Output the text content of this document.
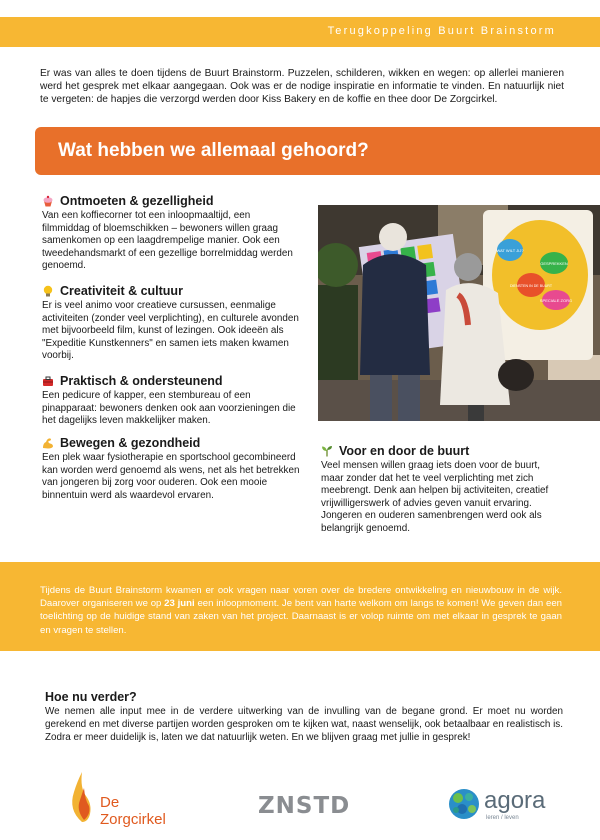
Terugkoppeling Buurt Brainstorm

Er was van alles te doen tijdens de Buurt Brainstorm. Puzzelen, schilderen, wikken en wegen: op allerlei manieren werd het gesprek met elkaar aangegaan. Ook was er de nodige inspiratie en informatie te vinden. En natuurlijk niet te vergeten: de hapjes die verzorgd werden door Kiss Bakery en de koffie en thee door De Zorgcirkel.

Wat hebben we allemaal gehoord?
Ontmoeten & gezelligheid

Van een koffiecorner tot een inloopmaaltijd, een filmmiddag of bloemschikken – bewoners willen graag samenkomen op een laagdrempelige manier. Ook een tweedehandsmarkt of een gezellige borrelmiddag werden genoemd.

Creativiteit & cultuur

Er is veel animo voor creatieve cursussen, eenmalige activiteiten (zonder veel verplichting), en culturele avonden met bijvoorbeeld film, kunst of lezingen. Ook ideeën als "Expeditie Kunstkenners" en samen iets maken kwamen voorbij.

Praktisch & ondersteunend

Een pedicure of kapper, een stembureau of een pinapparaat: bewoners denken ook aan voorzieningen die het dagelijks leven makkelijker maken.

Bewegen & gezondheid

Een plek waar fysiotherapie en sportschool gecombineerd kan worden werd genoemd als wens, net als het betrekken van jongeren bij zorg voor ouderen. Ook een mooie binnentuin werd als waardevol ervaren.

WAT WILT JIJ?
GESPREKKEN
DIENSTEN IN DE BUURT
SPECIALE ZORG
Voor en door de buurt

Veel mensen willen graag iets doen voor de buurt, maar zonder dat het te veel verplichting met zich meebrengt. Denk aan helpen bij activiteiten, creatief vrijwilligerswerk of advies geven vanuit ervaring. Jongeren en ouderen samenbrengen werd ook als belangrijk genoemd.

Tijdens de Buurt Brainstorm kwamen er ook vragen naar voren over de bredere ontwikkeling en nieuwbouw in de wijk. Daarover organiseren we op 23 juni een inloopmoment. Je bent van harte welkom om langs te komen! We geven dan een toelichting op de huidige stand van zaken van het project. Daarnaast is er volop ruimte om met elkaar in gesprek te gaan en vragen te stellen.

Hoe nu verder?

We nemen alle input mee in de verdere uitwerking van de invulling van de begane grond. Er moet nu worden gerekend en met diverse partijen worden gesproken om te kijken wat, naast wenselijk, ook betaalbaar en realistisch is. Zodra er meer duidelijk is, laten we dat natuurlijk weten. En we blijven graag met jullie in gesprek!

De Zorgcirkel
ZNSTD	agora
leren / leven
